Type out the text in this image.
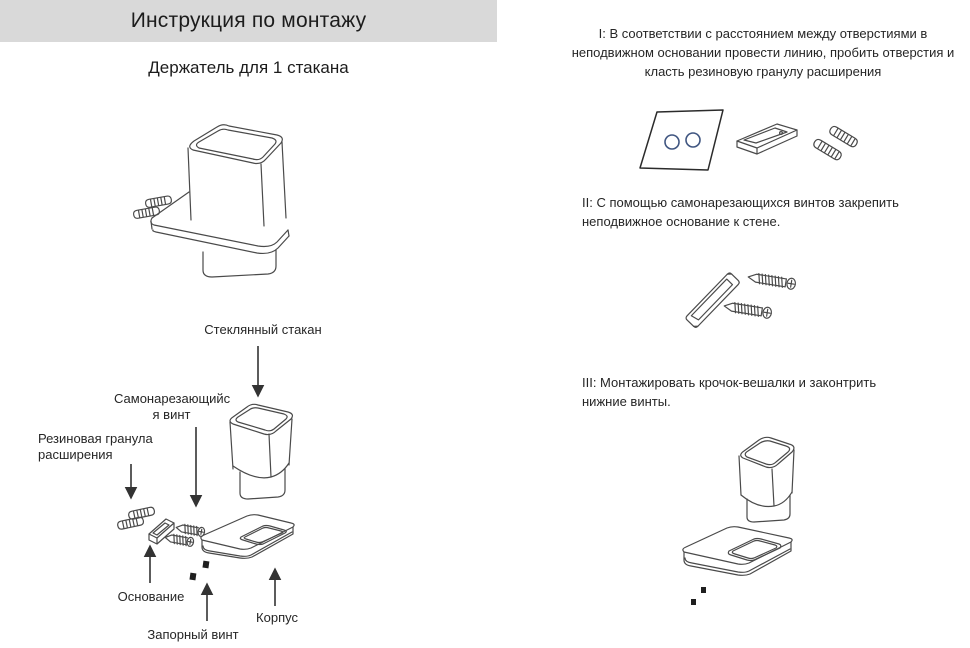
Инструкция по монтажу
Держатель для 1 стакана
Стеклянный стакан
Самонарезающийс
я винт
Резиновая гранула
расширения
Основание
Запорный винт
Корпус
I: В соответствии с расстоянием между отверстиями в неподвижном основании провести линию, пробить отверстия и класть резиновую гранулу расширения
II: С помощью самонарезающихся винтов закрепить неподвижное основание к стене.
III: Монтажировать крочок-вешалки и законтрить нижние винты.
